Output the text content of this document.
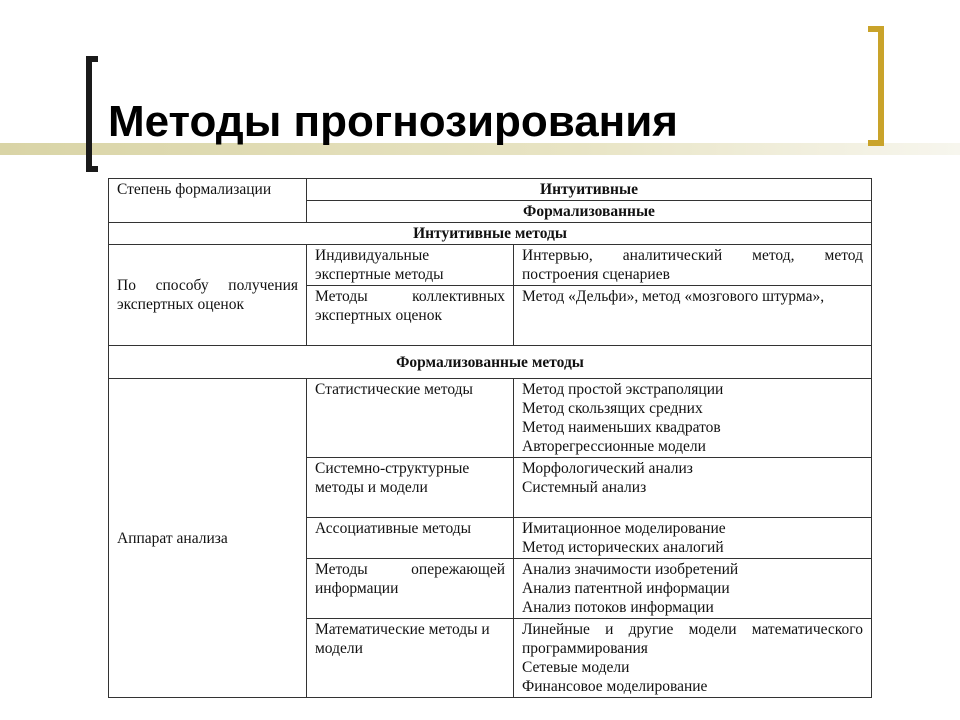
Методы прогнозирования
Степень формализации	Интуитивные	
	Формализованные	
Интуитивные методы		
По способу получения экспертных оценок	Индивидуальные экспертные методы	Интервью, аналитический метод, метод построения сценариев
	Методы коллективных экспертных оценок	Метод «Дельфи», метод «мозгового штурма»,
Формализованные методы		
Аппарат анализа	Статистические методы	Метод простой экстраполяции
Метод скользящих средних
Метод наименьших квадратов
Авторегрессионные модели

	Системно-структурные методы и модели	Морфологический анализ
Системный анализ

	Ассоциативные методы	Имитационное моделирование
Метод исторических аналогий

	Методы опережающей информации	Анализ значимости изобретений
Анализ патентной информации
Анализ потоков информации

	Математические методы и модели	Линейные и другие модели математического программирования
Сетевые модели
Финансовое моделирование
